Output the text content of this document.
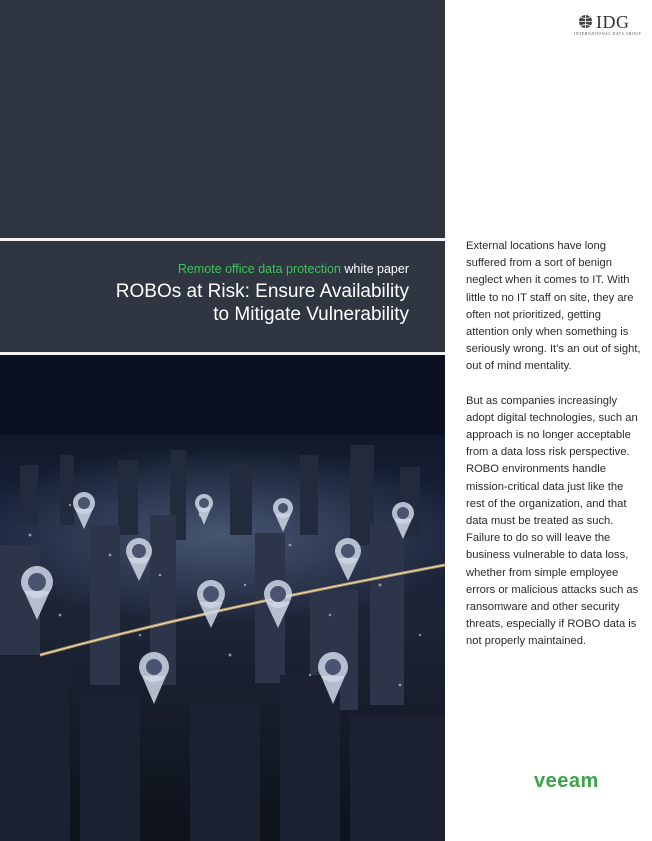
Remote office data protection white paper
ROBOs at Risk: Ensure Availability
to Mitigate Vulnerability
IDG
INTERNATIONAL DATA GROUP

External locations have long suffered from a sort of benign neglect when it comes to IT. With little to no IT staff on site, they are often not prioritized, getting attention only when something is seriously wrong. It’s an out of sight, out of mind mentality.

But as companies increasingly adopt digital technologies, such an approach is no longer acceptable from a data loss risk perspective. ROBO environments handle mission-critical data just like the rest of the organization, and that data must be treated as such. Failure to do so will leave the business vulnerable to data loss, whether from simple employee errors or malicious attacks such as ransomware and other security threats, especially if ROBO data is not properly maintained.

veeam
